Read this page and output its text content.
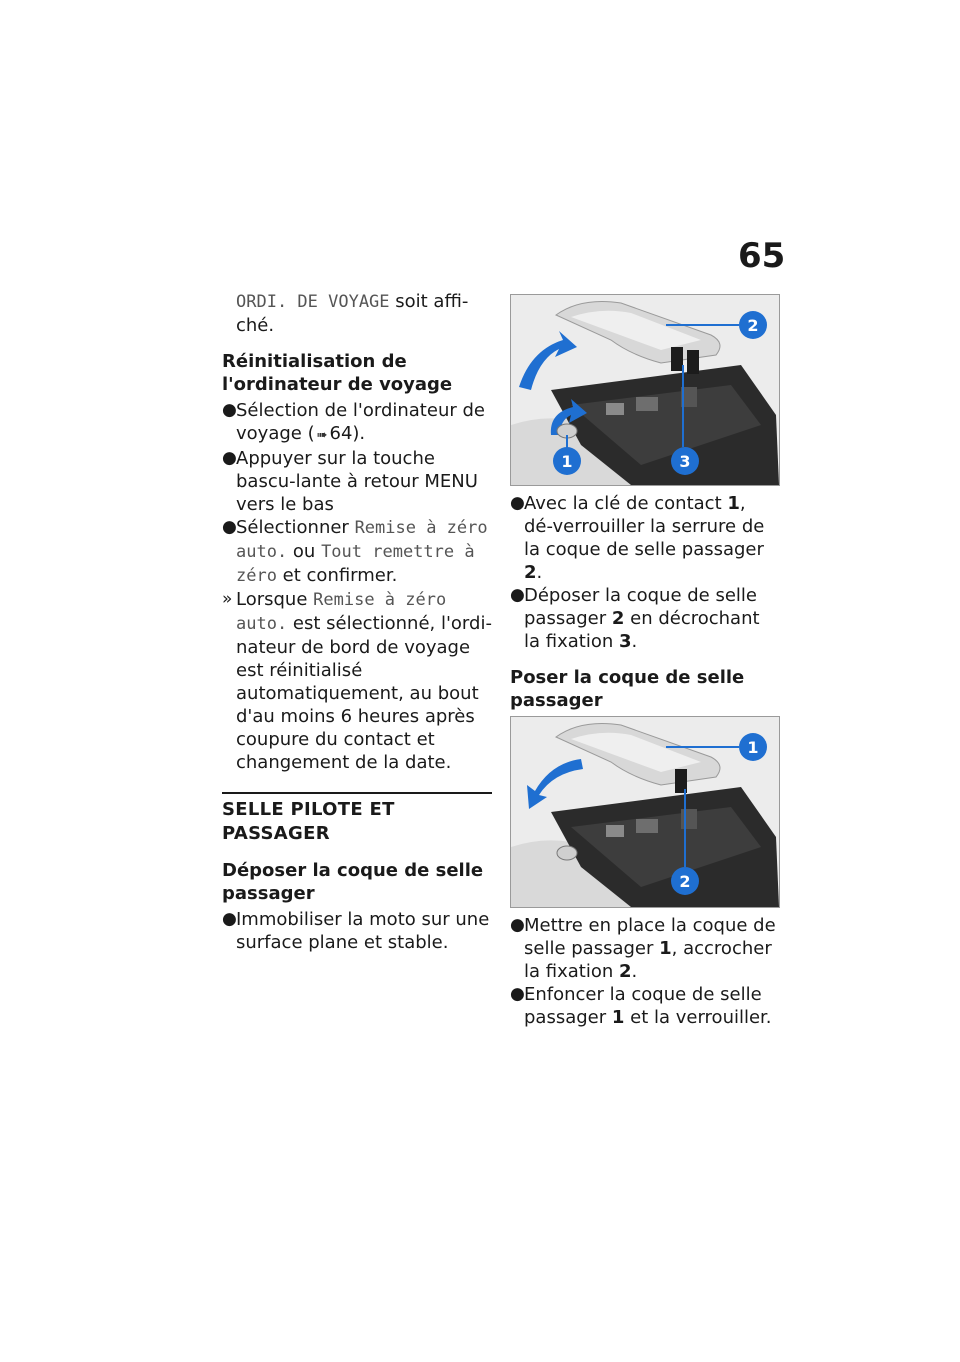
65

ORDI. DE VOYAGE soit affi-ché.

Réinitialisation de l'ordinateur de voyage

● Sélection de l'ordinateur de voyage ( ➠ 64).

● Appuyer sur la touche bascu-lante à retour MENU vers le bas

● Sélectionner Remise à zéro auto. ou Tout remettre à zéro et confirmer.

» Lorsque Remise à zéro auto. est sélectionné, l'ordi-nateur de bord de voyage est réinitialisé automatiquement, au bout d'au moins 6 heures après coupure du contact et changement de la date.

SELLE PILOTE ET PASSAGER
Déposer la coque de selle passager

● Immobiliser la moto sur une surface plane et stable.

2
1	3

● Avec la clé de contact 1, dé-verrouiller la serrure de la coque de selle passager 2.

● Déposer la coque de selle passager 2 en décrochant la fixation 3.

Poser la coque de selle passager
1
2

● Mettre en place la coque de selle passager 1, accrocher la fixation 2.

● Enfoncer la coque de selle passager 1 et la verrouiller.
